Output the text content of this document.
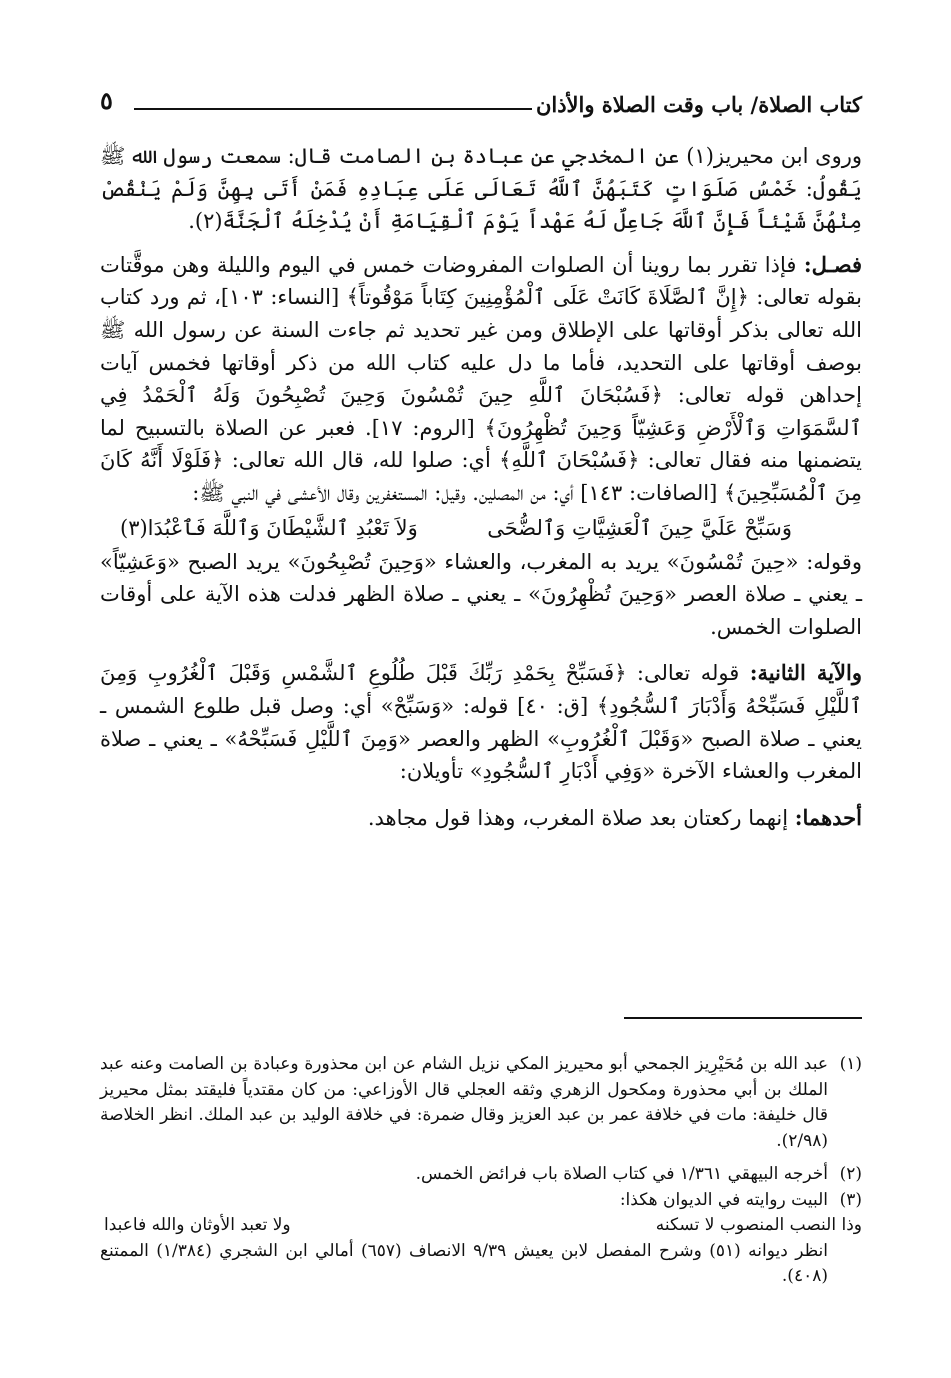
كتاب الصلاة/ باب وقت الصلاة والأذان
٥

وروى ابن محيريز(١) عن المخدجي عن عبادة بن الصامت قال: سمعت رسول الله ﷺ يَقُولُ: خَمْسُ صَلَوَاتٍ كَتَبَهُنَّ ٱللَّهُ تَعَالَى عَلَى عِبَادِهِ فَمَنْ أَتَى بِهِنَّ وَلَمْ يَنْقُصْ مِنْهُنَّ شَيْئاً فَإِنَّ ٱللَّهَ جَاعِلٌ لَهُ عَهْداً يَوْمَ ٱلْقِيَامَةِ أَنْ يُدْخِلَهُ ٱلْجَنَّةَ(٢).

فصـل: فإذا تقرر بما روينا أن الصلوات المفروضات خمس في اليوم والليلة وهن موقَّتات بقوله تعالى: ﴿إِنَّ ٱلصَّلَاةَ كَانَتْ عَلَى ٱلْمُؤْمِنِينَ كِتَاباً مَوْقُوتاً﴾ [النساء: ١٠٣]، ثم ورد كتاب الله تعالى بذكر أوقاتها على الإطلاق ومن غير تحديد ثم جاءت السنة عن رسول الله ﷺ بوصف أوقاتها على التحديد، فأما ما دل عليه كتاب الله من ذكر أوقاتها فخمس آيات إحداهن قوله تعالى: ﴿فَسُبْحَانَ ٱللَّهِ حِينَ تُمْسُونَ وَحِينَ تُصْبِحُونَ وَلَهُ ٱلْحَمْدُ فِي ٱلسَّمَوَاتِ وَٱلْأَرْضِ وَعَشِيّاً وَحِينَ تُظْهِرُونَ﴾ [الروم: ١٧]. فعبر عن الصلاة بالتسبيح لما يتضمنها منه فقال تعالى: ﴿فَسُبْحَانَ ٱللَّهِ﴾ أي: صلوا لله، قال الله تعالى: ﴿فَلَوْلَا أَنَّهُ كَانَ مِنَ ٱلْمُسَبِّحِينَ﴾ [الصافات: ١٤٣] أي: من المصلين. وقيل: المستغفرين وقال الأعشى في النبي ﷺ:

وَسَبِّحْ عَلَيَّ حِينَ ٱلْعَشِيَّاتِ وَٱلضُّحَى
وَلاَ تَعْبُدِ ٱلشَّيْطَانَ وَٱللَّهَ فَٱعْبُدَا(٣)

وقوله: «حِينَ تُمْسُونَ» يريد به المغرب، والعشاء «وَحِينَ تُصْبِحُونَ» يريد الصبح «وَعَشِيّاً» ـ يعني ـ صلاة العصر «وَحِينَ تُظْهِرُونَ» ـ يعني ـ صلاة الظهر فدلت هذه الآية على أوقات الصلوات الخمس.

والآية الثانية: قوله تعالى: ﴿فَسَبِّحْ بِحَمْدِ رَبِّكَ قَبْلَ طُلُوعِ ٱلشَّمْسِ وَقَبْلَ ٱلْغُرُوبِ وَمِنَ ٱللَّيْلِ فَسَبِّحْهُ وَأَدْبَارَ ٱلسُّجُودِ﴾ [ق: ٤٠] قوله: «وَسَبِّحْ» أي: وصل قبل طلوع الشمس ـ يعني ـ صلاة الصبح «وَقَبْلَ ٱلْغُرُوبِ» الظهر والعصر «وَمِنَ ٱللَّيْلِ فَسَبِّحْهُ» ـ يعني ـ صلاة المغرب والعشاء الآخرة «وَفِي أَدْبَارِ ٱلسُّجُودِ» تأويلان:

أحدهما: إنهما ركعتان بعد صلاة المغرب، وهذا قول مجاهد.

(١)
عبد الله بن مُحَيْرِيز الجمحي أبو محيريز المكي نزيل الشام عن ابن محذورة وعبادة بن الصامت وعنه عبد الملك بن أبي محذورة ومكحول الزهري وثقه العجلي قال الأوزاعي: من كان مقتدياً فليقتد بمثل محيريز قال خليفة: مات في خلافة عمر بن عبد العزيز وقال ضمرة: في خلافة الوليد بن عبد الملك. انظر الخلاصة (٢/٩٨).
(٢)
أخرجه البيهقي ١/٣٦١ في كتاب الصلاة باب فرائض الخمس.
(٣)
البيت روايته في الديوان هكذا:
وذا النصب المنصوب لا تسكنه
ولا تعبد الأوثان والله فاعبدا
انظر ديوانه (٥١) وشرح المفصل لابن يعيش ٩/٣٩ الانصاف (٦٥٧) أمالي ابن الشجري (١/٣٨٤) الممتنع (٤٠٨).
